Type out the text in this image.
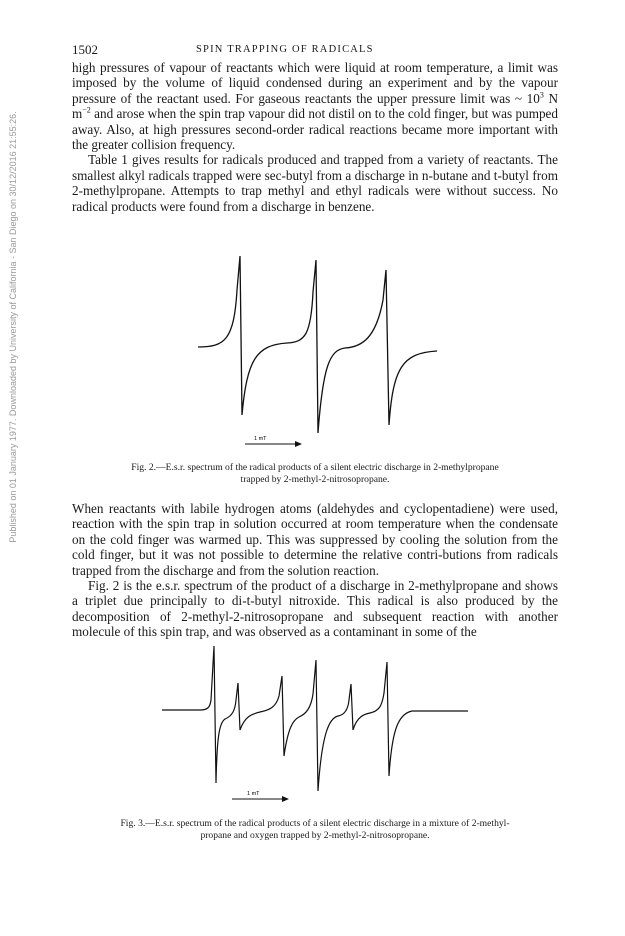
Published on 01 January 1977. Downloaded by University of California - San Diego on 30/12/2016 21:55:26.
1502	SPIN TRAPPING OF RADICALS

high pressures of vapour of reactants which were liquid at room temperature, a limit was imposed by the volume of liquid condensed during an experiment and by the vapour pressure of the reactant used. For gaseous reactants the upper pressure limit was ~ $10^3$ N $m^{-2}$ and arose when the spin trap vapour did not distil on to the cold finger, but was pumped away. Also, at high pressures second-order radical reactions became more important with the greater collision frequency.

Table 1 gives results for radicals produced and trapped from a variety of reactants. The smallest alkyl radicals trapped were sec-butyl from a discharge in n-butane and t-butyl from 2-methylpropane. Attempts to trap methyl and ethyl radicals were without success. No radical products were found from a discharge in benzene.

1 mT
Fig. 2.—E.s.r. spectrum of the radical products of a silent electric discharge in 2-methylpropane
trapped by 2-methyl-2-nitrosopropane.

When reactants with labile hydrogen atoms (aldehydes and cyclopentadiene) were used, reaction with the spin trap in solution occurred at room temperature when the condensate on the cold finger was warmed up. This was suppressed by cooling the solution from the cold finger, but it was not possible to determine the relative contri-butions from radicals trapped from the discharge and from the solution reaction.

Fig. 2 is the e.s.r. spectrum of the product of a discharge in 2-methylpropane and shows a triplet due principally to di-t-butyl nitroxide. This radical is also produced by the decomposition of 2-methyl-2-nitrosopropane and subsequent reaction with another molecule of this spin trap, and was observed as a contaminant in some of the

1 mT
Fig. 3.—E.s.r. spectrum of the radical products of a silent electric discharge in a mixture of 2-methyl-
propane and oxygen trapped by 2-methyl-2-nitrosopropane.
